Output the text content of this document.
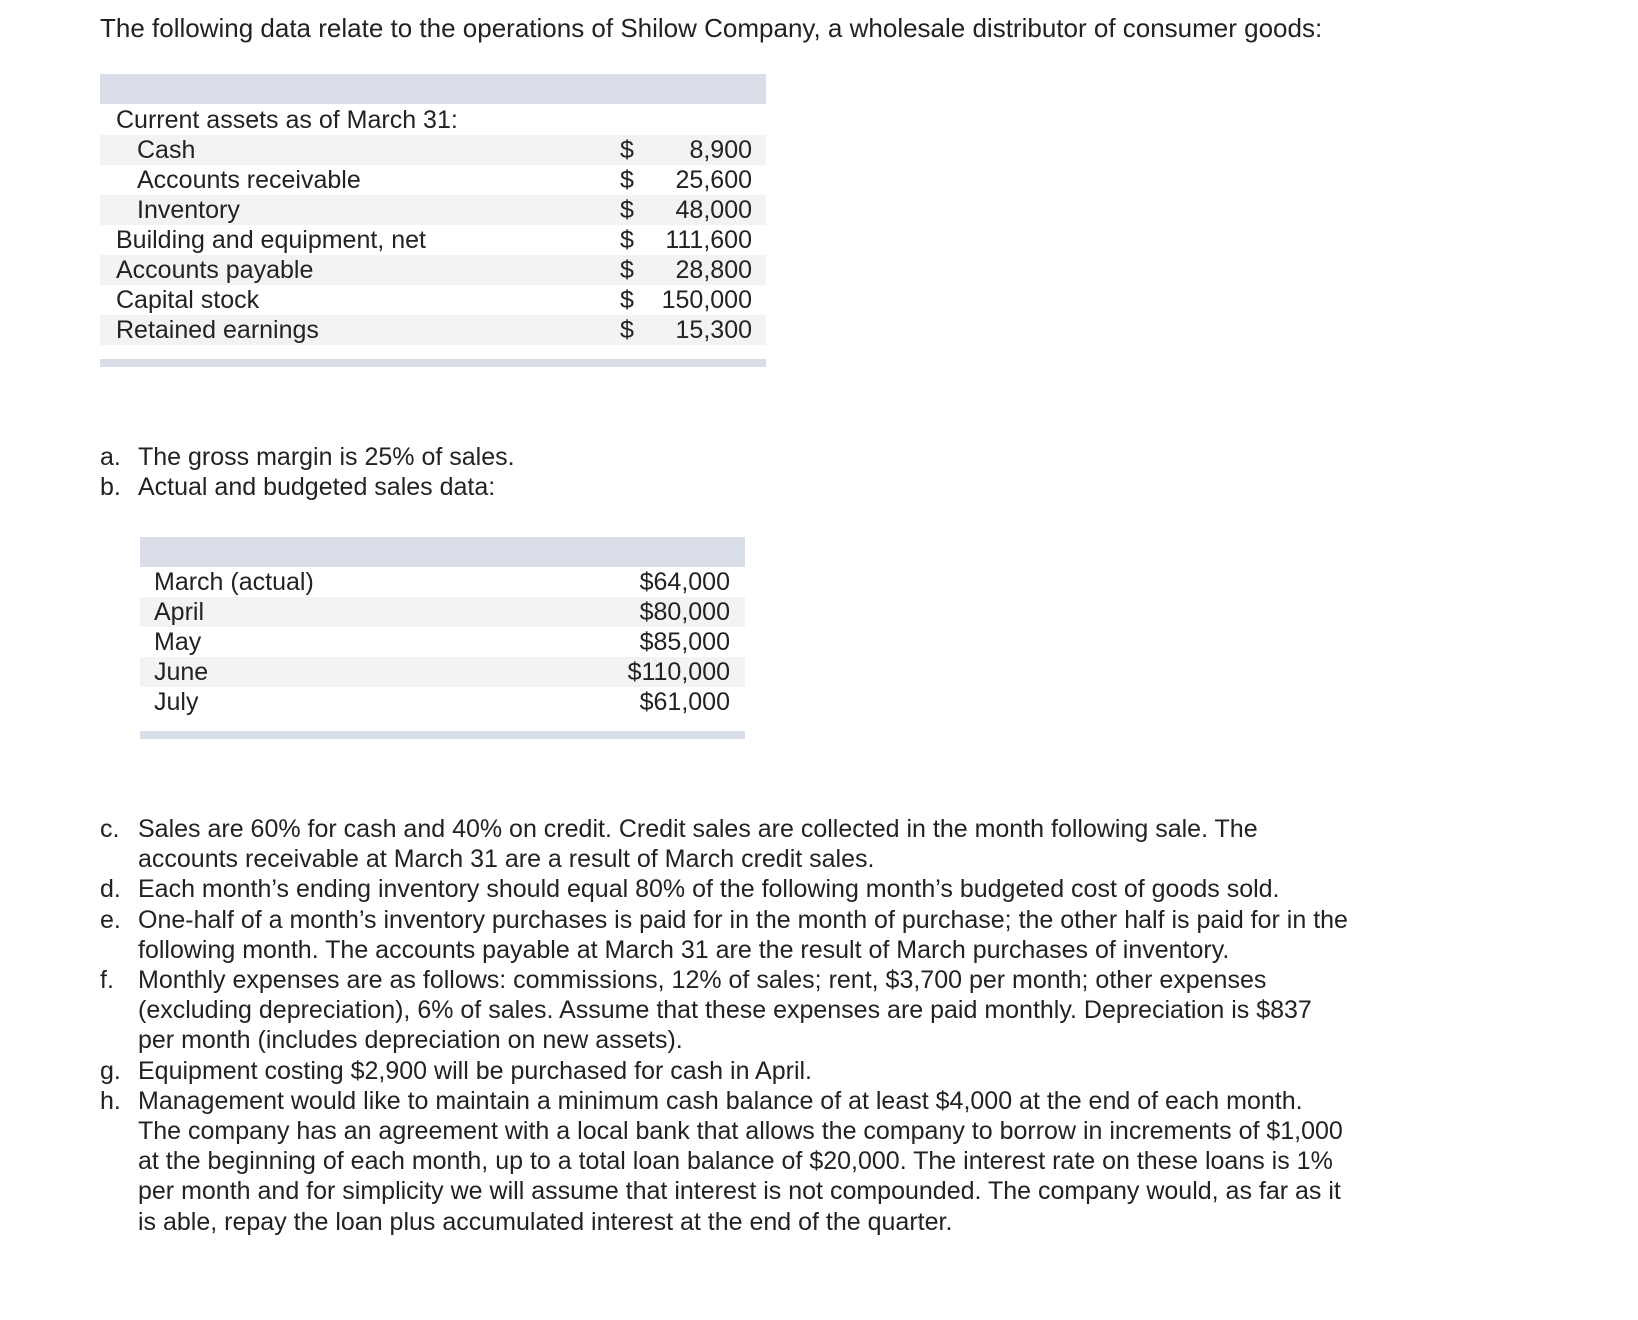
The following data relate to the operations of Shilow Company, a wholesale distributor of consumer goods:
Current assets as of March 31:
Cash	$ 8,900
Accounts receivable	$ 25,600
Inventory	$ 48,000
Building and equipment, net	$ 111,600
Accounts payable	$ 28,800
Capital stock	$ 150,000
Retained earnings	$ 15,300
a. The gross margin is 25% of sales.
b. Actual and budgeted sales data:
March (actual)	$64,000
April	$80,000
May	$85,000
June	$110,000
July	$61,000
c. Sales are 60% for cash and 40% on credit. Credit sales are collected in the month following sale. The accounts receivable at March 31 are a result of March credit sales.
d. Each month’s ending inventory should equal 80% of the following month’s budgeted cost of goods sold.
e. One-half of a month’s inventory purchases is paid for in the month of purchase; the other half is paid for in the following month. The accounts payable at March 31 are the result of March purchases of inventory.
f. Monthly expenses are as follows: commissions, 12% of sales; rent, $3,700 per month; other expenses (excluding depreciation), 6% of sales. Assume that these expenses are paid monthly. Depreciation is $837 per month (includes depreciation on new assets).
g. Equipment costing $2,900 will be purchased for cash in April.
h. Management would like to maintain a minimum cash balance of at least $4,000 at the end of each month. The company has an agreement with a local bank that allows the company to borrow in increments of $1,000 at the beginning of each month, up to a total loan balance of $20,000. The interest rate on these loans is 1% per month and for simplicity we will assume that interest is not compounded. The company would, as far as it is able, repay the loan plus accumulated interest at the end of the quarter.
